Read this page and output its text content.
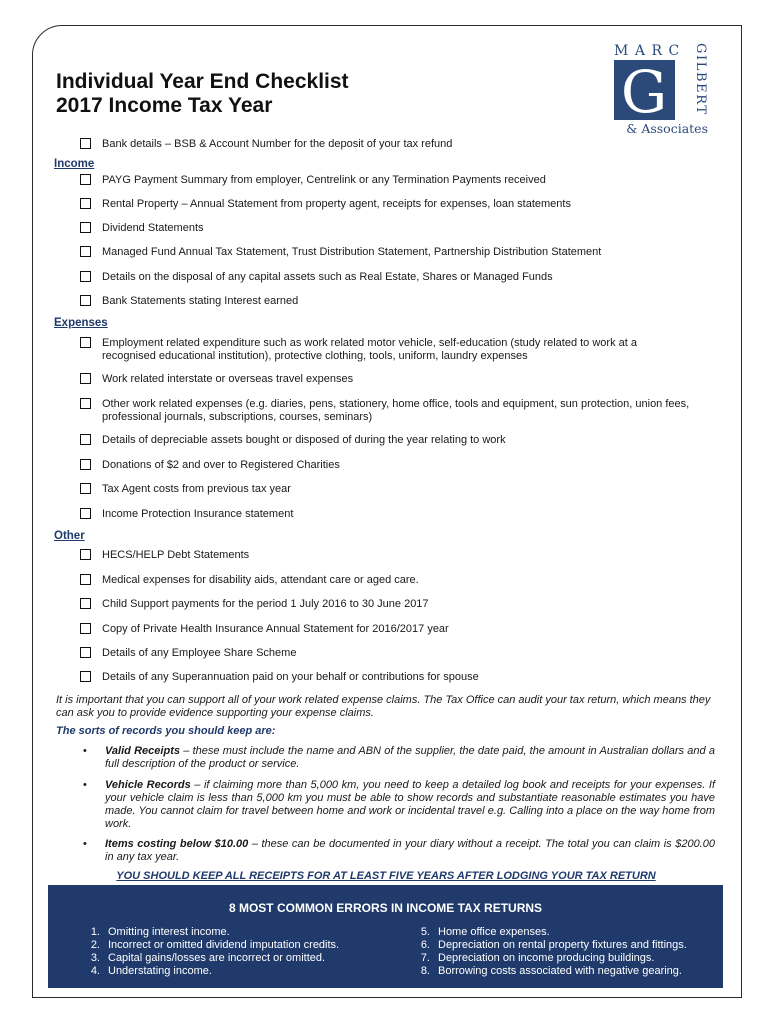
Individual Year End Checklist
2017 Income Tax Year
MARC
G GILBERT
& Associates
Bank details – BSB & Account Number for the deposit of your tax refund
Income
PAYG Payment Summary from employer, Centrelink or any Termination Payments received
Rental Property – Annual Statement from property agent, receipts for expenses, loan statements
Dividend Statements
Managed Fund Annual Tax Statement, Trust Distribution Statement, Partnership Distribution Statement
Details on the disposal of any capital assets such as Real Estate, Shares or Managed Funds
Bank Statements stating Interest earned
Expenses
Employment related expenditure such as work related motor vehicle, self-education (study related to work at a recognised educational institution), protective clothing, tools, uniform, laundry expenses
Work related interstate or overseas travel expenses
Other work related expenses (e.g. diaries, pens, stationery, home office, tools and equipment, sun protection, union fees, professional journals, subscriptions, courses, seminars)
Details of depreciable assets bought or disposed of during the year relating to work
Donations of $2 and over to Registered Charities
Tax Agent costs from previous tax year
Income Protection Insurance statement
Other
HECS/HELP Debt Statements
Medical expenses for disability aids, attendant care or aged care.
Child Support payments for the period 1 July 2016 to 30 June 2017
Copy of Private Health Insurance Annual Statement for 2016/2017 year
Details of any Employee Share Scheme
Details of any Superannuation paid on your behalf or contributions for spouse
It is important that you can support all of your work related expense claims. The Tax Office can audit your tax return, which means they can ask you to provide evidence supporting your expense claims.
The sorts of records you should keep are:
• Valid Receipts – these must include the name and ABN of the supplier, the date paid, the amount in Australian dollars and a full description of the product or service.
• Vehicle Records – if claiming more than 5,000 km, you need to keep a detailed log book and receipts for your expenses. If your vehicle claim is less than 5,000 km you must be able to show records and substantiate reasonable estimates you have made. You cannot claim for travel between home and work or incidental travel e.g. Calling into a place on the way home from work.
• Items costing below $10.00 – these can be documented in your diary without a receipt. The total you can claim is $200.00 in any tax year.
YOU SHOULD KEEP ALL RECEIPTS FOR AT LEAST FIVE YEARS AFTER LODGING YOUR TAX RETURN
8 MOST COMMON ERRORS IN INCOME TAX RETURNS
1. Omitting interest income.
2. Incorrect or omitted dividend imputation credits.
3. Capital gains/losses are incorrect or omitted.
4. Understating income.
5. Home office expenses.
6. Depreciation on rental property fixtures and fittings.
7. Depreciation on income producing buildings.
8. Borrowing costs associated with negative gearing.
